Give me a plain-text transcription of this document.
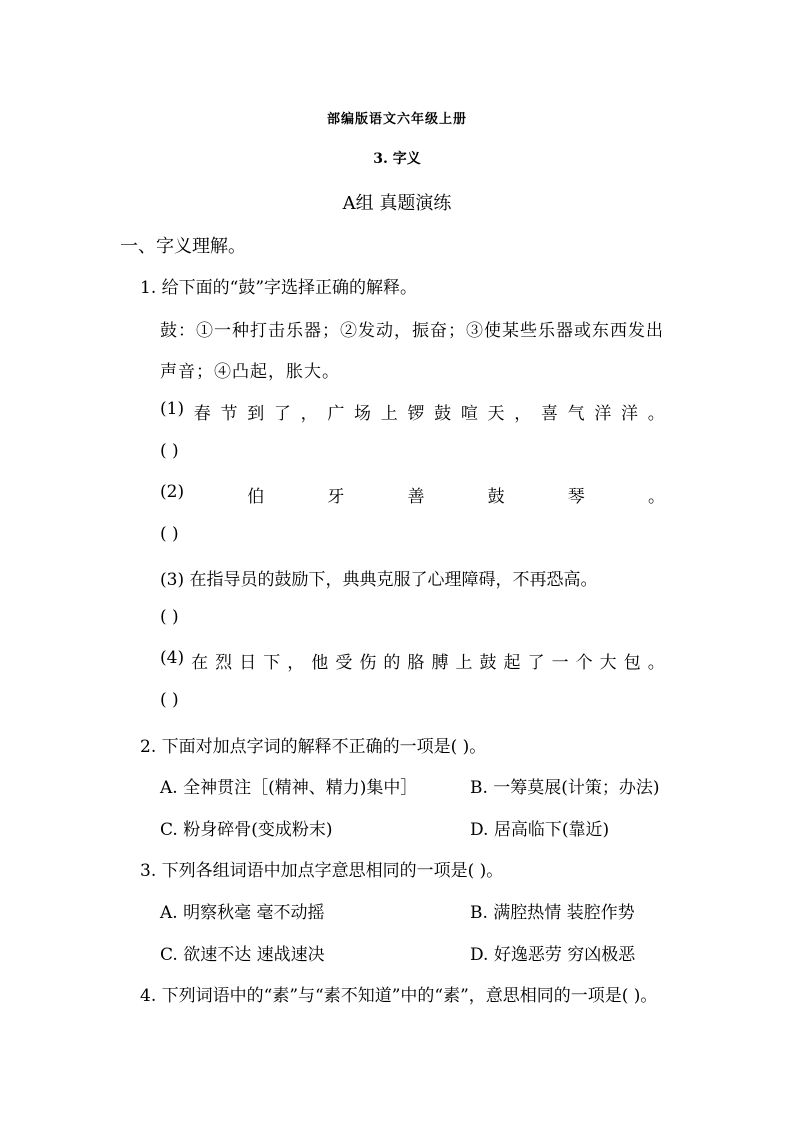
部编版语文六年级上册
3. 字义
A组 真题演练
一、字义理解。
1. 给下面的“鼓”字选择正确的解释。
鼓：①一种打击乐器；②发动，振奋；③使某些乐器或东西发出
声音；④凸起，胀大。
(1) 春 节 到 了 ， 广 场 上 锣 鼓 喧 天 ， 喜 气 洋 洋 。
( )
(2)	伯	牙	善	鼓	琴	。
( )
(3) 在指导员的鼓励下，典典克服了心理障碍，不再恐高。
( )
(4) 在 烈 日 下 ， 他 受 伤 的 胳 膊 上 鼓 起 了 一 个 大 包 。
( )
2. 下面对加点字词的解释不正确的一项是( )。
A. 全神贯注［(精神、精力)集中］	B. 一筹莫展(计策；办法)
C. 粉身碎骨(变成粉末)	D. 居高临下(靠近)
3. 下列各组词语中加点字意思相同的一项是( )。
A. 明察秋毫 毫不动摇	B. 满腔热情 装腔作势
C. 欲速不达 速战速决	D. 好逸恶劳 穷凶极恶
4. 下列词语中的“素”与“素不知道”中的“素”，意思相同的一项是( )。
